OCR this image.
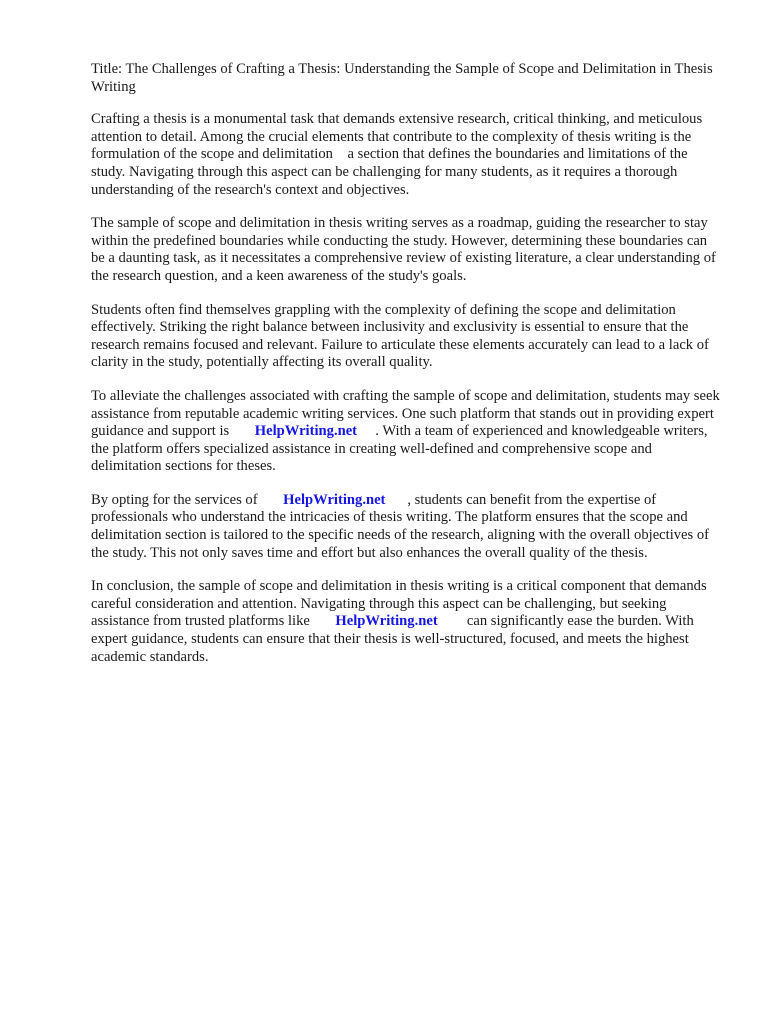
Title: The Challenges of Crafting a Thesis: Understanding the Sample of Scope and Delimitation in Thesis Writing

Crafting a thesis is a monumental task that demands extensive research, critical thinking, and meticulous attention to detail. Among the crucial elements that contribute to the complexity of thesis writing is the formulation of the scope and delimitation    a section that defines the boundaries and limitations of the study. Navigating through this aspect can be challenging for many students, as it requires a thorough understanding of the research's context and objectives.

The sample of scope and delimitation in thesis writing serves as a roadmap, guiding the researcher to stay within the predefined boundaries while conducting the study. However, determining these boundaries can be a daunting task, as it necessitates a comprehensive review of existing literature, a clear understanding of the research question, and a keen awareness of the study's goals.

Students often find themselves grappling with the complexity of defining the scope and delimitation effectively. Striking the right balance between inclusivity and exclusivity is essential to ensure that the research remains focused and relevant. Failure to articulate these elements accurately can lead to a lack of clarity in the study, potentially affecting its overall quality.

To alleviate the challenges associated with crafting the sample of scope and delimitation, students may seek assistance from reputable academic writing services. One such platform that stands out in providing expert guidance and support is       HelpWriting.net     . With a team of experienced and knowledgeable writers, the platform offers specialized assistance in creating well-defined and comprehensive scope and delimitation sections for theses.

By opting for the services of       HelpWriting.net      , students can benefit from the expertise of professionals who understand the intricacies of thesis writing. The platform ensures that the scope and delimitation section is tailored to the specific needs of the research, aligning with the overall objectives of the study. This not only saves time and effort but also enhances the overall quality of the thesis.

In conclusion, the sample of scope and delimitation in thesis writing is a critical component that demands careful consideration and attention. Navigating through this aspect can be challenging, but seeking assistance from trusted platforms like       HelpWriting.net        can significantly ease the burden. With expert guidance, students can ensure that their thesis is well-structured, focused, and meets the highest academic standards.
